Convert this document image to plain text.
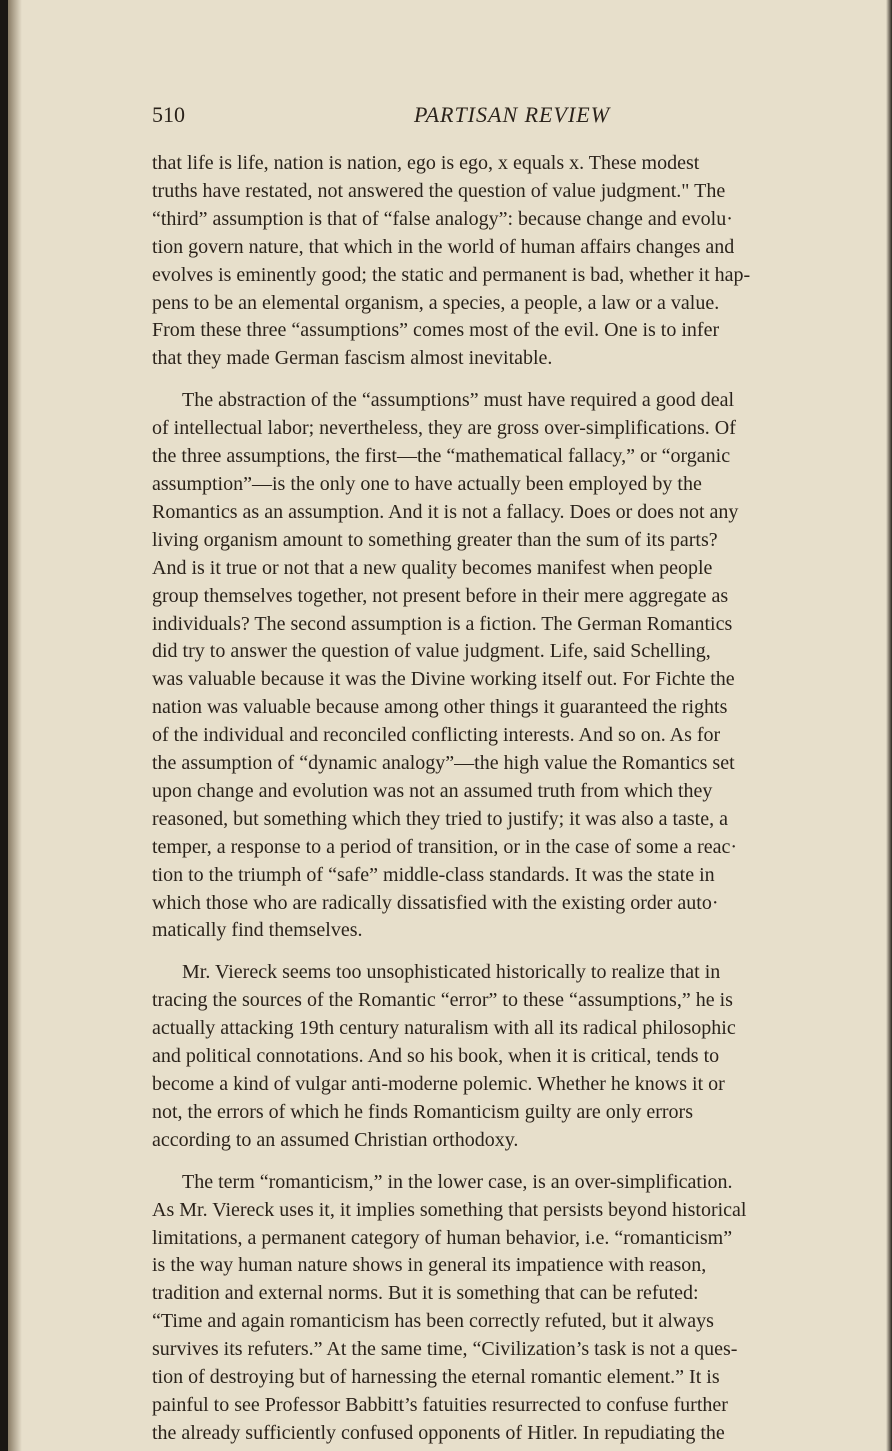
510	PARTISAN REVIEW
that life is life, nation is nation, ego is ego, x equals x. These modest
truths have restated, not answered the question of value judgment." The
“third” assumption is that of “false analogy”: because change and evolu·
tion govern nature, that which in the world of human affairs changes and
evolves is eminently good; the static and permanent is bad, whether it hap-
pens to be an elemental organism, a species, a people, a law or a value.
From these three “assumptions” comes most of the evil. One is to infer
that they made German fascism almost inevitable.
The abstraction of the “assumptions” must have required a good deal
of intellectual labor; nevertheless, they are gross over-simplifications. Of
the three assumptions, the first—the “mathematical fallacy,” or “organic
assumption”—is the only one to have actually been employed by the
Romantics as an assumption. And it is not a fallacy. Does or does not any
living organism amount to something greater than the sum of its parts?
And is it true or not that a new quality becomes manifest when people
group themselves together, not present before in their mere aggregate as
individuals? The second assumption is a fiction. The German Romantics
did try to answer the question of value judgment. Life, said Schelling,
was valuable because it was the Divine working itself out. For Fichte the
nation was valuable because among other things it guaranteed the rights
of the individual and reconciled conflicting interests. And so on. As for
the assumption of “dynamic analogy”—the high value the Romantics set
upon change and evolution was not an assumed truth from which they
reasoned, but something which they tried to justify; it was also a taste, a
temper, a response to a period of transition, or in the case of some a reac·
tion to the triumph of “safe” middle-class standards. It was the state in
which those who are radically dissatisfied with the existing order auto·
matically find themselves.
Mr. Viereck seems too unsophisticated historically to realize that in
tracing the sources of the Romantic “error” to these “assumptions,” he is
actually attacking 19th century naturalism with all its radical philosophic
and political connotations. And so his book, when it is critical, tends to
become a kind of vulgar anti-moderne polemic. Whether he knows it or
not, the errors of which he finds Romanticism guilty are only errors
according to an assumed Christian orthodoxy.
The term “romanticism,” in the lower case, is an over-simplification.
As Mr. Viereck uses it, it implies something that persists beyond historical
limitations, a permanent category of human behavior, i.e. “romanticism”
is the way human nature shows in general its impatience with reason,
tradition and external norms. But it is something that can be refuted:
“Time and again romanticism has been correctly refuted, but it always
survives its refuters.” At the same time, “Civilization’s task is not a ques-
tion of destroying but of harnessing the eternal romantic element.” It is
painful to see Professor Babbitt’s fatuities resurrected to confuse further
the already sufficiently confused opponents of Hitler. In repudiating the
